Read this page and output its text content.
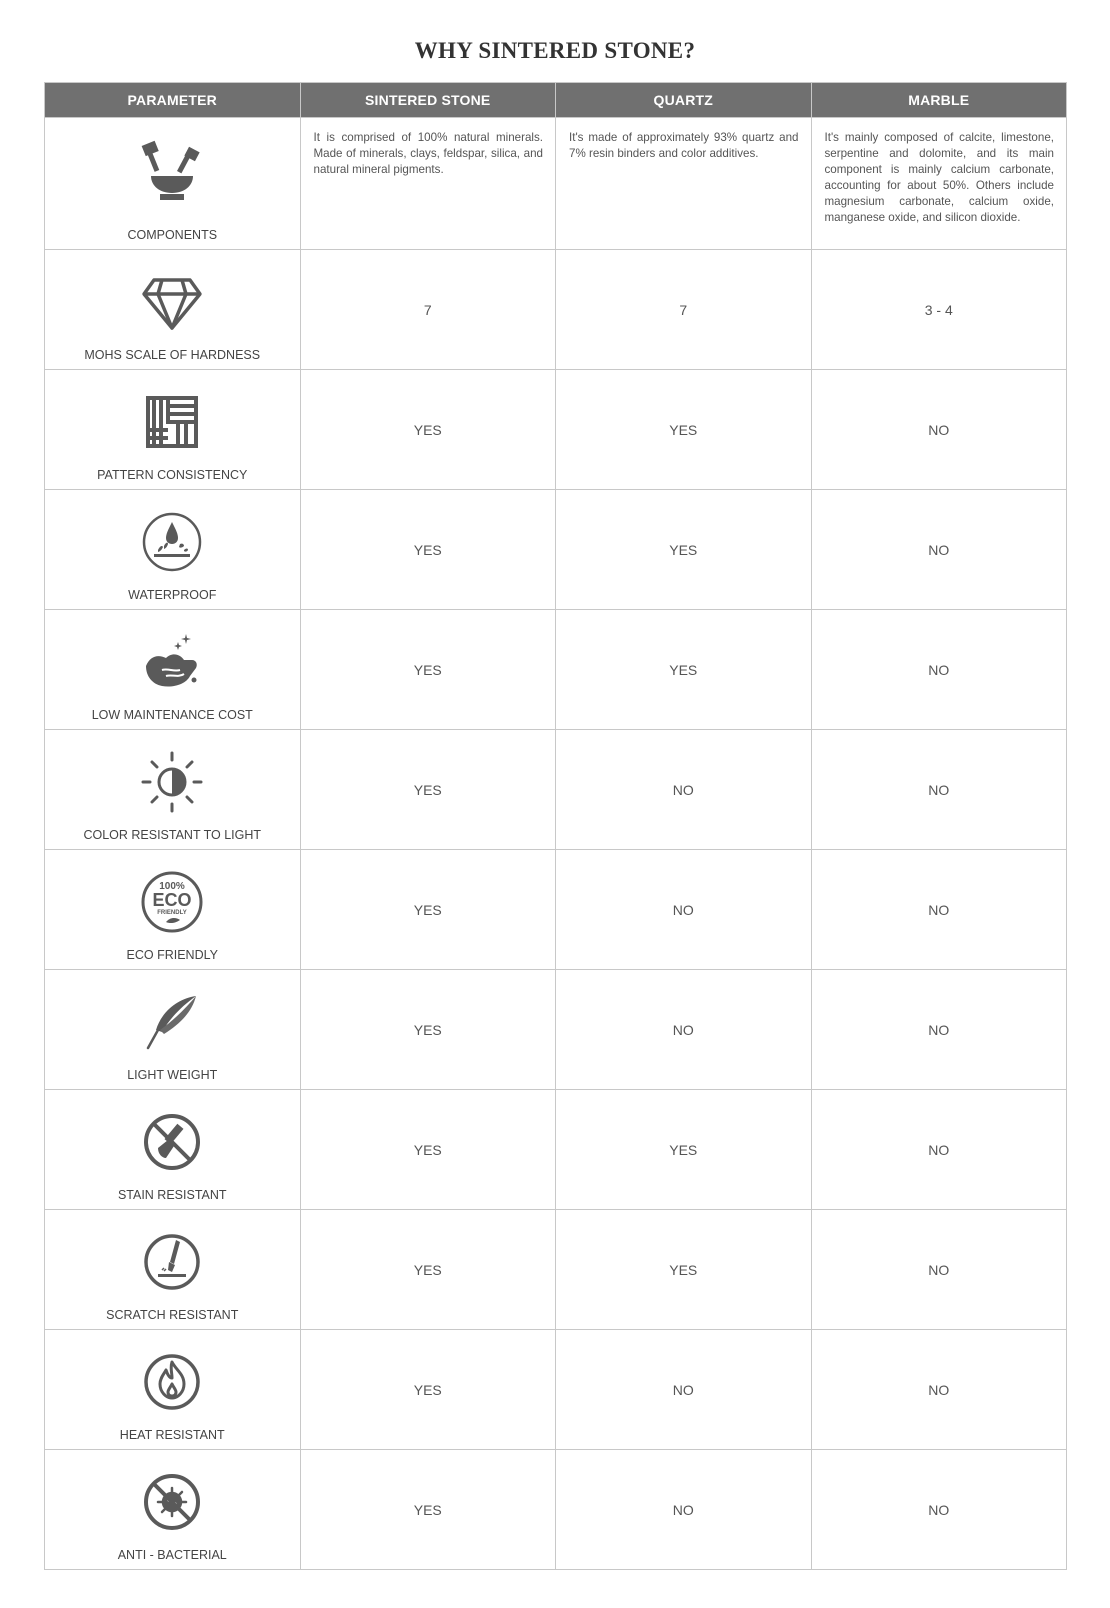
WHY SINTERED STONE?
PARAMETER	SINTERED STONE	QUARTZ	MARBLE

COMPONENTS	It is comprised of 100% natural minerals. Made of minerals, clays, feldspar, silica, and natural mineral pigments.	It's made of approximately 93% quartz and 7% resin binders and color additives.	It's mainly composed of calcite, limestone, serpentine and dolomite, and its main component is mainly calcium carbonate, accounting for about 50%. Others include magnesium carbonate, calcium oxide, manganese oxide, and silicon dioxide.

MOHS SCALE OF HARDNESS	7	7	3 - 4

PATTERN CONSISTENCY	YES	YES	NO

WATERPROOF	YES	YES	NO

LOW MAINTENANCE COST	YES	YES	NO

COLOR RESISTANT TO LIGHT	YES	NO	NO

100%
ECO
FRIENDLY
ECO FRIENDLY	YES	NO	NO

LIGHT WEIGHT	YES	NO	NO

STAIN RESISTANT	YES	YES	NO

SCRATCH RESISTANT	YES	YES	NO

HEAT RESISTANT	YES	NO	NO

ANTI - BACTERIAL	YES	NO	NO
